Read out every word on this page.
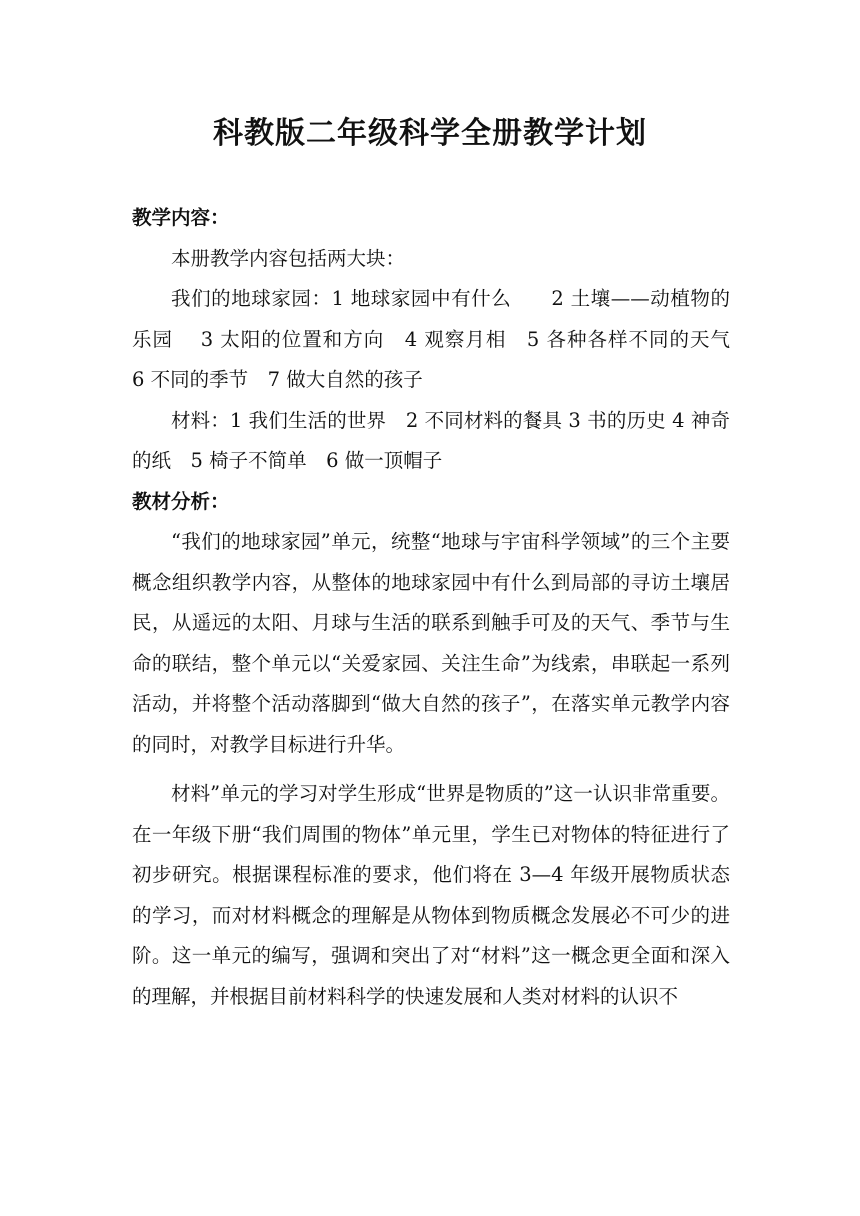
科教版二年级科学全册教学计划

教学内容：

本册教学内容包括两大块：

我们的地球家园：1 地球家园中有什么　　2 土壤——动植物的乐园　 3 太阳的位置和方向　4 观察月相　5 各种各样不同的天气　6 不同的季节　7 做大自然的孩子

材料：1 我们生活的世界　2 不同材料的餐具 3 书的历史 4 神奇的纸　5 椅子不简单　6 做一顶帽子

教材分析：

“我们的地球家园”单元，统整“地球与宇宙科学领域”的三个主要概念组织教学内容，从整体的地球家园中有什么到局部的寻访土壤居民，从遥远的太阳、月球与生活的联系到触手可及的天气、季节与生命的联结，整个单元以“关爱家园、关注生命”为线索，串联起一系列活动，并将整个活动落脚到“做大自然的孩子”，在落实单元教学内容的同时，对教学目标进行升华。

材料”单元的学习对学生形成“世界是物质的”这一认识非常重要。在一年级下册“我们周围的物体”单元里，学生已对物体的特征进行了初步研究。根据课程标准的要求，他们将在 3—4 年级开展物质状态的学习，而对材料概念的理解是从物体到物质概念发展必不可少的进阶。这一单元的编写，强调和突出了对“材料”这一概念更全面和深入的理解，并根据目前材料科学的快速发展和人类对材料的认识不
